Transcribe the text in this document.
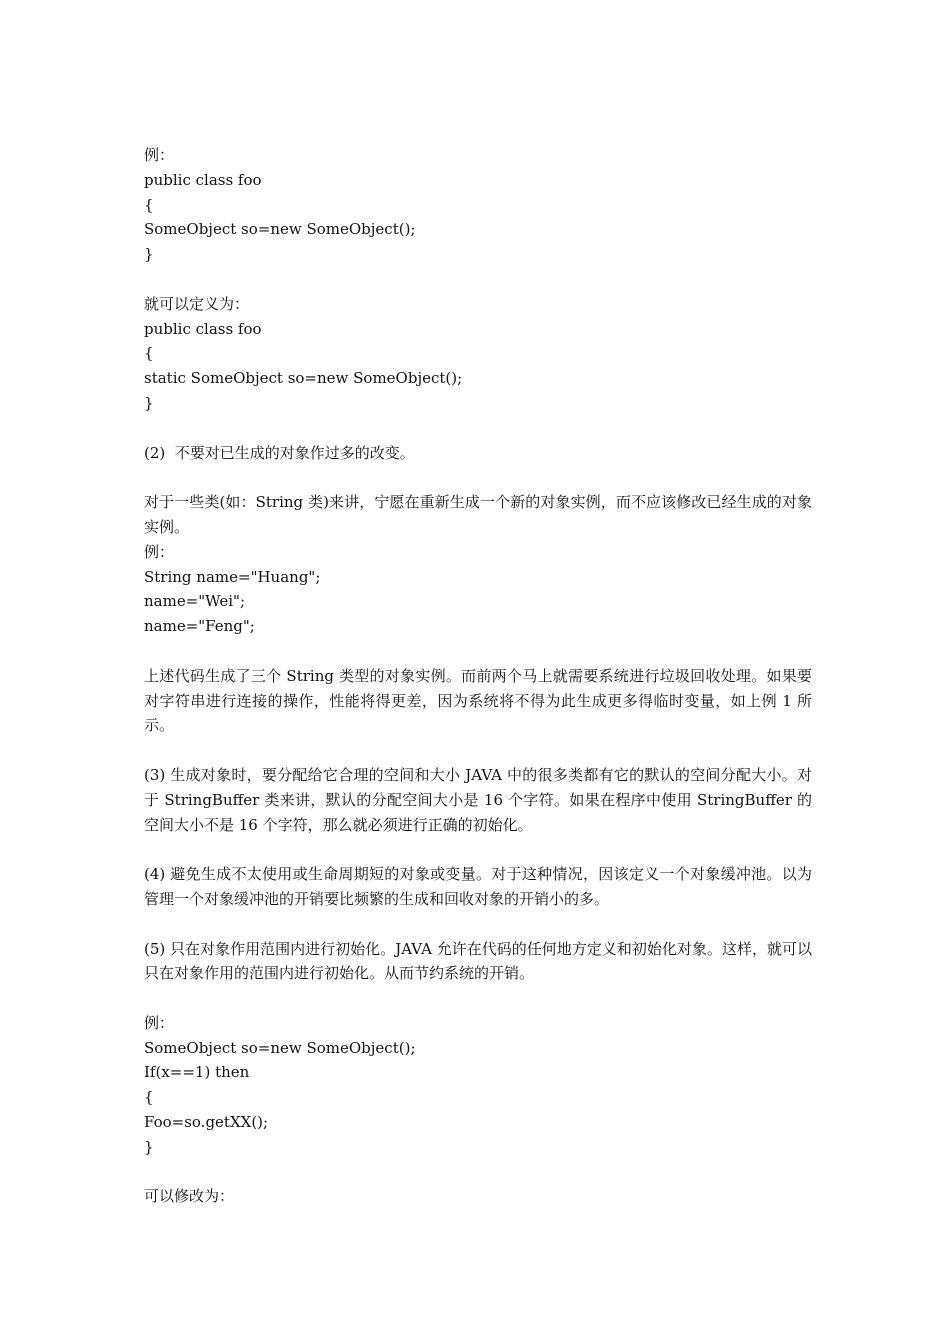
例：
public class foo
{
SomeObject so=new SomeObject();
}
就可以定义为：
public class foo
{
static SomeObject so=new SomeObject();
}
(2)  不要对已生成的对象作过多的改变。
对于一些类(如：String 类)来讲，宁愿在重新生成一个新的对象实例，而不应该修改已经生成的对象实例。
例：
String name="Huang";
name="Wei";
name="Feng";
上述代码生成了三个 String 类型的对象实例。而前两个马上就需要系统进行垃圾回收处理。如果要对字符串进行连接的操作，性能将得更差，因为系统将不得为此生成更多得临时变量，如上例 1 所示。
(3) 生成对象时，要分配给它合理的空间和大小 JAVA 中的很多类都有它的默认的空间分配大小。对于 StringBuffer 类来讲，默认的分配空间大小是 16 个字符。如果在程序中使用 StringBuffer 的空间大小不是 16 个字符，那么就必须进行正确的初始化。
(4) 避免生成不太使用或生命周期短的对象或变量。对于这种情况，因该定义一个对象缓冲池。以为管理一个对象缓冲池的开销要比频繁的生成和回收对象的开销小的多。
(5) 只在对象作用范围内进行初始化。JAVA 允许在代码的任何地方定义和初始化对象。这样，就可以只在对象作用的范围内进行初始化。从而节约系统的开销。
例：
SomeObject so=new SomeObject();
If(x==1) then
{
Foo=so.getXX();
}
可以修改为：
